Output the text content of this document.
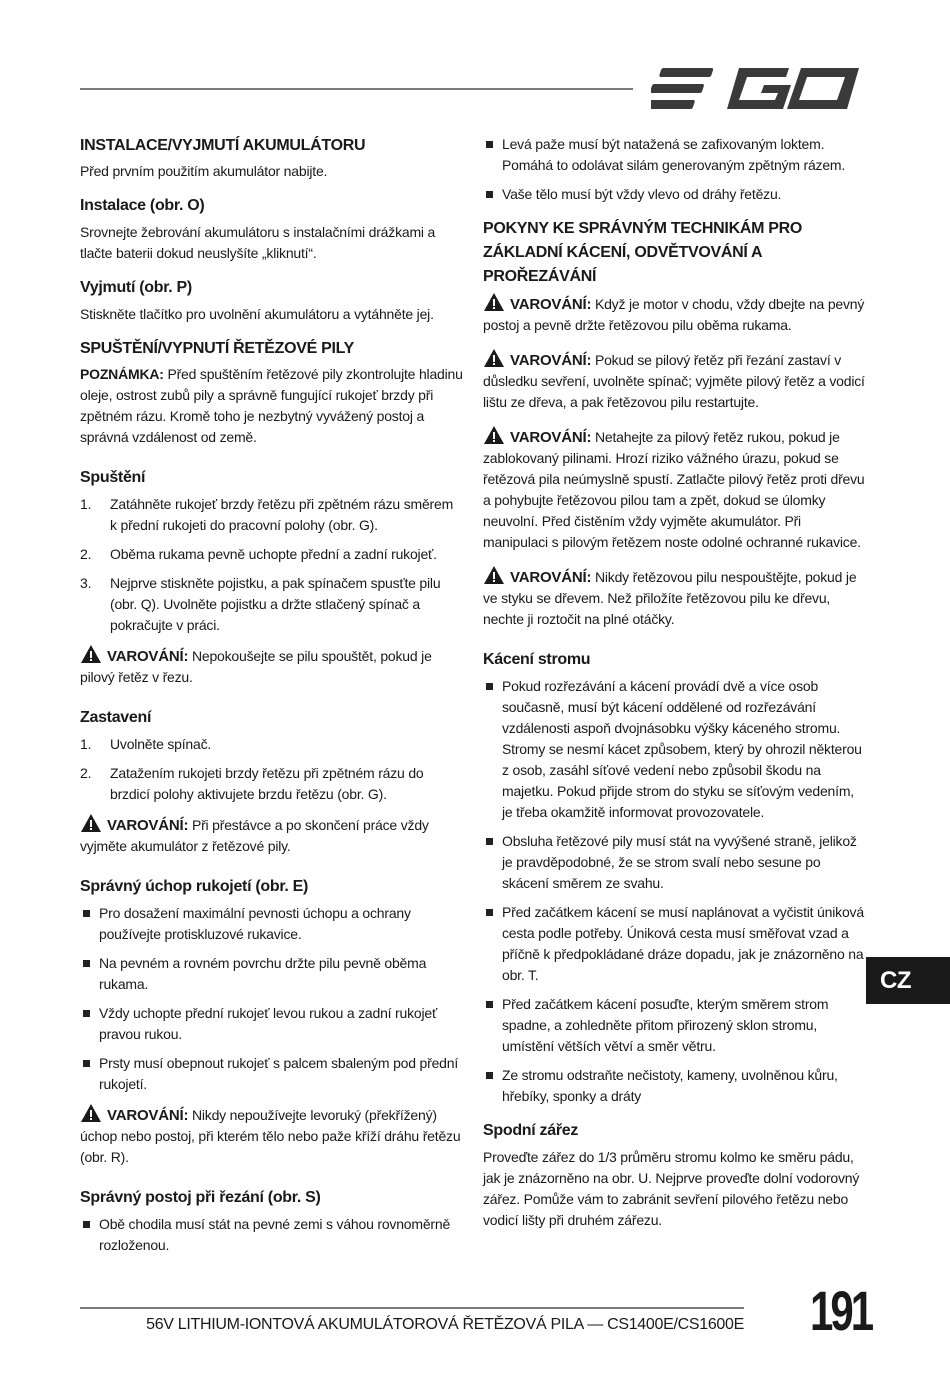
INSTALACE/VYJMUTÍ AKUMULÁTORU

Před prvním použitím akumulátor nabijte.

Instalace (obr. O)

Srovnejte žebrování akumulátoru s instalačními drážkami a tlačte baterii dokud neuslyšíte „kliknutí“.

Vyjmutí (obr. P)

Stiskněte tlačítko pro uvolnění akumulátoru a vytáhněte jej.

SPUŠTĚNÍ/VYPNUTÍ ŘETĚZOVÉ PILY

POZNÁMKA: Před spuštěním řetězové pily zkontrolujte hladinu oleje, ostrost zubů pily a správně fungující rukojeť brzdy při zpětném rázu. Kromě toho je nezbytný vyvážený postoj a správná vzdálenost od země.

Spuštění
1. Zatáhněte rukojeť brzdy řetězu při zpětném rázu směrem k přední rukojeti do pracovní polohy (obr. G).
2. Oběma rukama pevně uchopte přední a zadní rukojeť.
3. Nejprve stiskněte pojistku, a pak spínačem spusťte pilu (obr. Q). Uvolněte pojistku a držte stlačený spínač a pokračujte v práci.

VAROVÁNÍ: Nepokoušejte se pilu spouštět, pokud je pilový řetěz v řezu.

Zastavení
1. Uvolněte spínač.
2. Zatažením rukojeti brzdy řetězu při zpětném rázu do brzdicí polohy aktivujete brzdu řetězu (obr. G).

VAROVÁNÍ: Při přestávce a po skončení práce vždy vyjměte akumulátor z řetězové pily.

Správný úchop rukojetí (obr. E)
Pro dosažení maximální pevnosti úchopu a ochrany používejte protiskluzové rukavice.
Na pevném a rovném povrchu držte pilu pevně oběma rukama.
Vždy uchopte přední rukojeť levou rukou a zadní rukojeť pravou rukou.
Prsty musí obepnout rukojeť s palcem sbaleným pod přední rukojetí.

VAROVÁNÍ: Nikdy nepoužívejte levoruký (překřížený) úchop nebo postoj, při kterém tělo nebo paže kříží dráhu řetězu (obr. R).

Správný postoj při řezání (obr. S)
Obě chodila musí stát na pevné zemi s váhou rovnoměrně rozloženou.
Levá paže musí být natažená se zafixovaným loktem. Pomáhá to odolávat silám generovaným zpětným rázem.
Vaše tělo musí být vždy vlevo od dráhy řetězu.
POKYNY KE SPRÁVNÝM TECHNIKÁM PRO ZÁKLADNÍ KÁCENÍ, ODVĚTVOVÁNÍ A PROŘEZÁVÁNÍ

VAROVÁNÍ: Když je motor v chodu, vždy dbejte na pevný postoj a pevně držte řetězovou pilu oběma rukama.

VAROVÁNÍ: Pokud se pilový řetěz při řezání zastaví v důsledku sevření, uvolněte spínač; vyjměte pilový řetěz a vodicí lištu ze dřeva, a pak řetězovou pilu restartujte.

VAROVÁNÍ: Netahejte za pilový řetěz rukou, pokud je zablokovaný pilinami. Hrozí riziko vážného úrazu, pokud se řetězová pila neúmyslně spustí. Zatlačte pilový řetěz proti dřevu a pohybujte řetězovou pilou tam a zpět, dokud se úlomky neuvolní. Před čistěním vždy vyjměte akumulátor. Při manipulaci s pilovým řetězem noste odolné ochranné rukavice.

VAROVÁNÍ: Nikdy řetězovou pilu nespouštějte, pokud je ve styku se dřevem. Než přiložíte řetězovou pilu ke dřevu, nechte ji roztočit na plné otáčky.

Kácení stromu
Pokud rozřezávání a kácení provádí dvě a více osob současně, musí být kácení oddělené od rozřezávání vzdálenosti aspoň dvojnásobku výšky káceného stromu. Stromy se nesmí kácet způsobem, který by ohrozil některou z osob, zasáhl síťové vedení nebo způsobil škodu na majetku. Pokud přijde strom do styku se síťovým vedením, je třeba okamžitě informovat provozovatele.
Obsluha řetězové pily musí stát na vyvýšené straně, jelikož je pravděpodobné, že se strom svalí nebo sesune po skácení směrem ze svahu.
Před začátkem kácení se musí naplánovat a vyčistit úniková cesta podle potřeby. Úniková cesta musí směřovat vzad a příčně k předpokládané dráze dopadu, jak je znázorněno na obr. T.
Před začátkem kácení posuďte, kterým směrem strom spadne, a zohledněte přitom přirozený sklon stromu, umístění větších větví a směr větru.
Ze stromu odstraňte nečistoty, kameny, uvolněnou kůru, hřebíky, sponky a dráty
Spodní zářez

Proveďte zářez do 1/3 průměru stromu kolmo ke směru pádu, jak je znázorněno na obr. U. Nejprve proveďte dolní vodorovný zářez. Pomůže vám to zabránit sevření pilového řetězu nebo vodicí lišty při druhém zářezu.

CZ
56V LITHIUM-IONTOVÁ AKUMULÁTOROVÁ ŘETĚZOVÁ PILA — CS1400E/CS1600E 191
